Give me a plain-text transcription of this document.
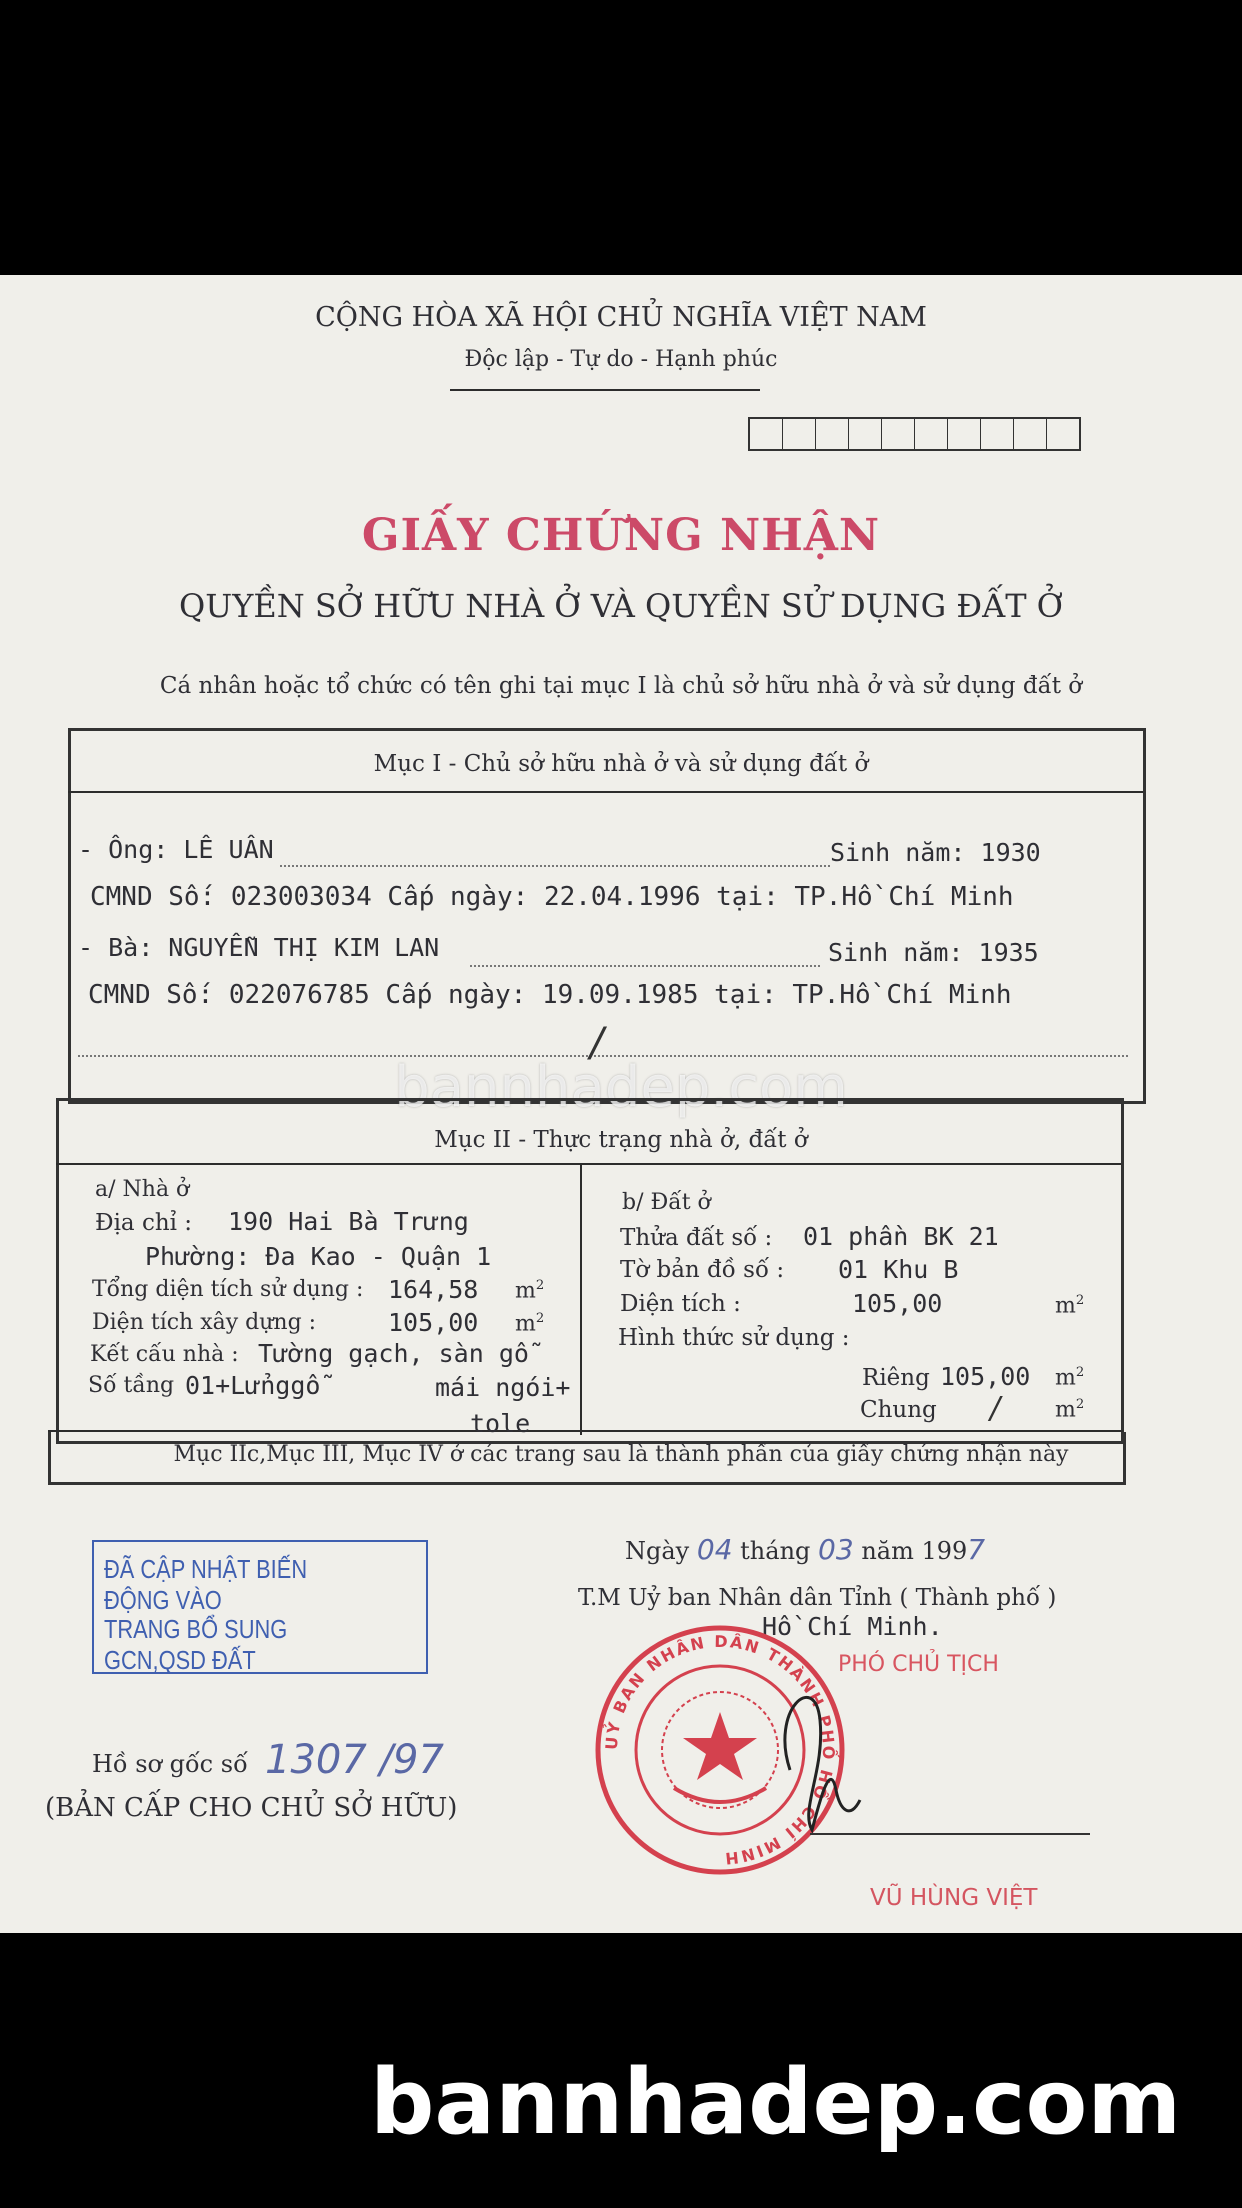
CỘNG HÒA XÃ HỘI CHỦ NGHĨA VIỆT NAM
Độc lập - Tự do - Hạnh phúc
GIẤY CHỨNG NHẬN
QUYỀN SỞ HỮU NHÀ Ở VÀ QUYỀN SỬ DỤNG ĐẤT Ở
Cá nhân hoặc tổ chức có tên ghi tại mục I là chủ sở hữu nhà ở và sử dụng đất ở
Mục I - Chủ sở hữu nhà ở và sử dụng đất ở
- Ông: LÊ UÂN	Sinh năm: 1930
CMND Số: 023003034 Cấp ngày: 22.04.1996 tại: TP.Hồ Chí Minh
- Bà: NGUYỄN THỊ KIM LAN	Sinh năm: 1935
CMND Số: 022076785 Cấp ngày: 19.09.1985 tại: TP.Hồ Chí Minh
/
bannhadep.com
Mục II - Thực trạng nhà ở, đất ở
a/ Nhà ở
Địa chỉ : 190 Hai Bà Trưng
Phường: Đa Kao - Quận 1
Tổng diện tích sử dụng : 164,58 $m^2$
Diện tích xây dựng :	105,00 $m^2$
Kết cấu nhà : Tường gạch, sàn gỗ
Số tầng 01+Lửnggỗ	mái ngói+
tole
b/ Đất ở
Thửa đất số : 01 phần BK 21
Tờ bản đồ số : 01 Khu B
Diện tích :	105,00	$m^2$
Hình thức sử dụng :
Riêng 105,00 $m^2$
Chung / $m^2$
Mục IIc,Mục III, Mục IV ở các trang sau là thành phần của giấy chứng nhận này
ĐÃ CẬP NHẬT BIẾN ĐỘNG VÀO
TRANG BỔ SUNG GCN,QSD ĐẤT
Ngày 04 tháng 03 năm 1997
T.M Uỷ ban Nhân dân Tỉnh ( Thành phố )
Hồ Chí Minh.
PHÓ CHỦ TỊCH
UỶ BAN NHÂN DÂN THÀNH PHỐ HỒ CHÍ MINH
VŨ HÙNG VIỆT
Hồ sơ gốc số 1307 /97
(BẢN CẤP CHO CHỦ SỞ HỮU)
bannhadep.com
